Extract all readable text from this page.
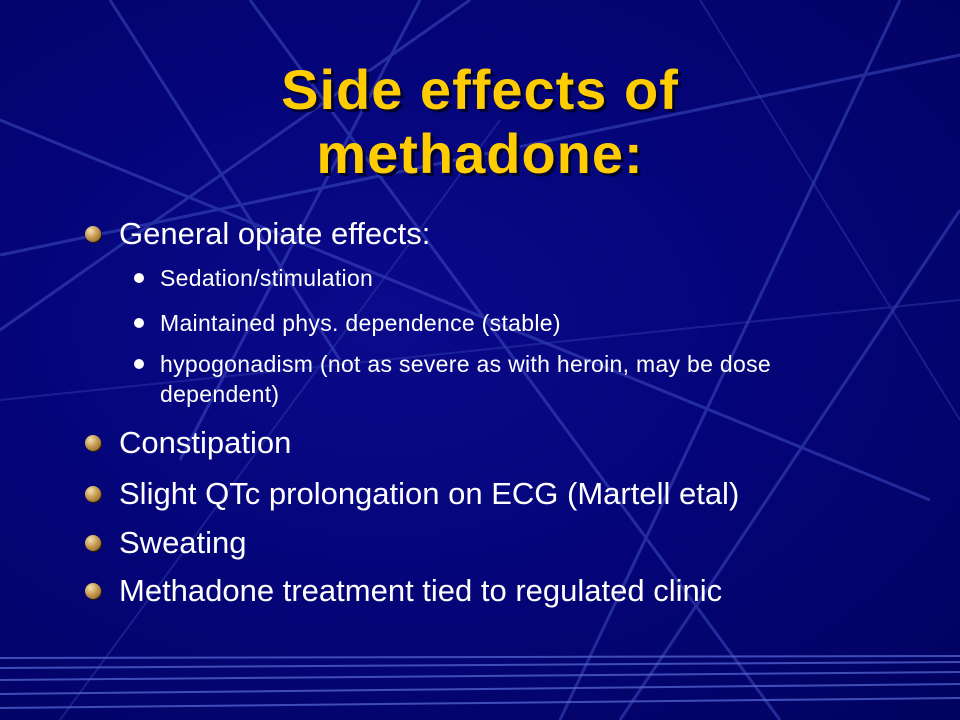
Side effects of methadone:
General opiate effects:
Sedation/stimulation
Maintained phys. dependence (stable)
hypogonadism (not as severe as with heroin, may be dose dependent)
Constipation
Slight QTc prolongation on ECG (Martell etal)
Sweating
Methadone treatment tied to regulated clinic
